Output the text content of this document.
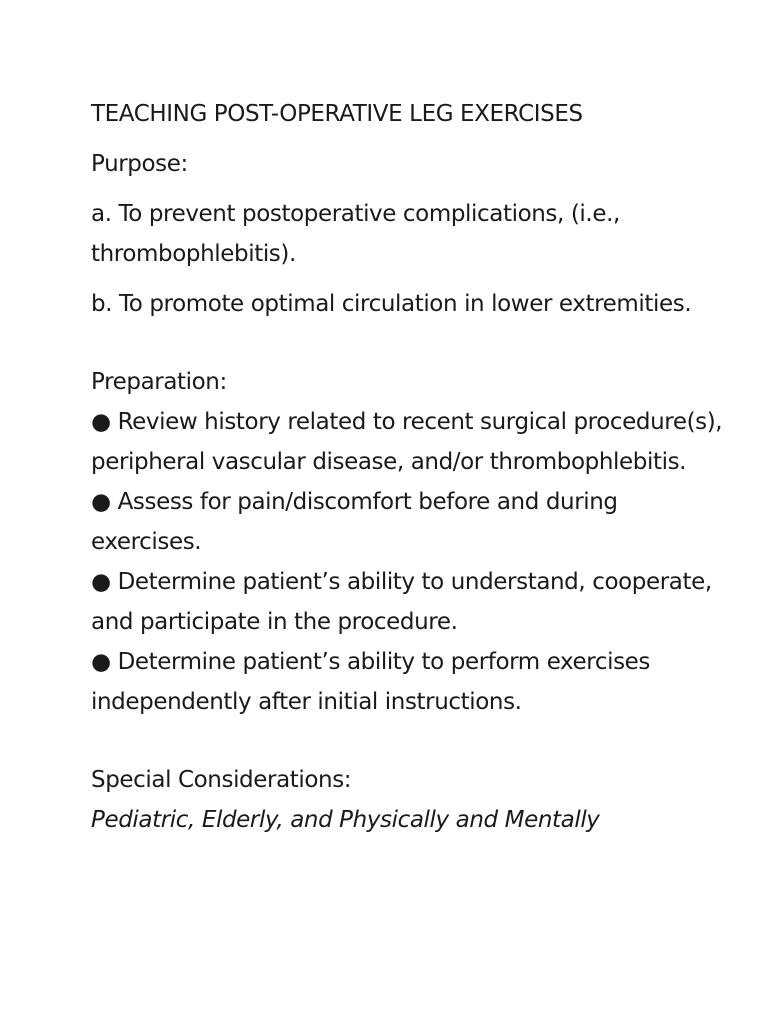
TEACHING POST-OPERATIVE LEG EXERCISES

Purpose:

a. To prevent postoperative complications, (i.e., thrombophlebitis).

b. To promote optimal circulation in lower extremities.

Preparation:

● Review history related to recent surgical procedure(s), peripheral vascular disease, and/or thrombophlebitis.

● Assess for pain/discomfort before and during exercises.

● Determine patient’s ability to understand, cooperate, and participate in the procedure.

● Determine patient’s ability to perform exercises independently after initial instructions.

Special Considerations:

Pediatric, Elderly, and Physically and Mentally
